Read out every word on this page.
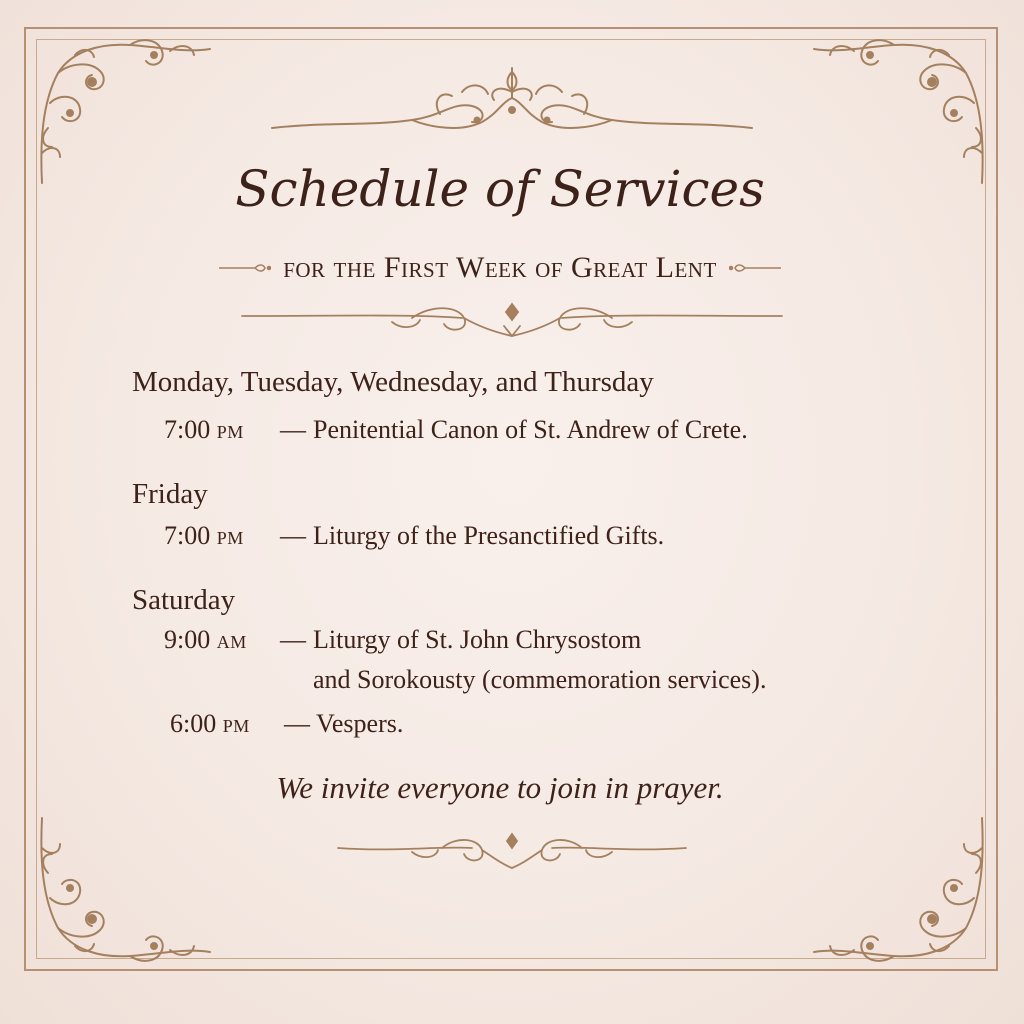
Schedule of Services
for the First Week of Great Lent
Monday, Tuesday, Wednesday, and Thursday
7:00 pm — Penitential Canon of St. Andrew of Crete.
Friday
7:00 pm — Liturgy of the Presanctified Gifts.
Saturday
9:00 am — Liturgy of St. John Chrysostom
and Sorokousty (commemoration services).
6:00 pm — Vespers.
We invite everyone to join in prayer.
